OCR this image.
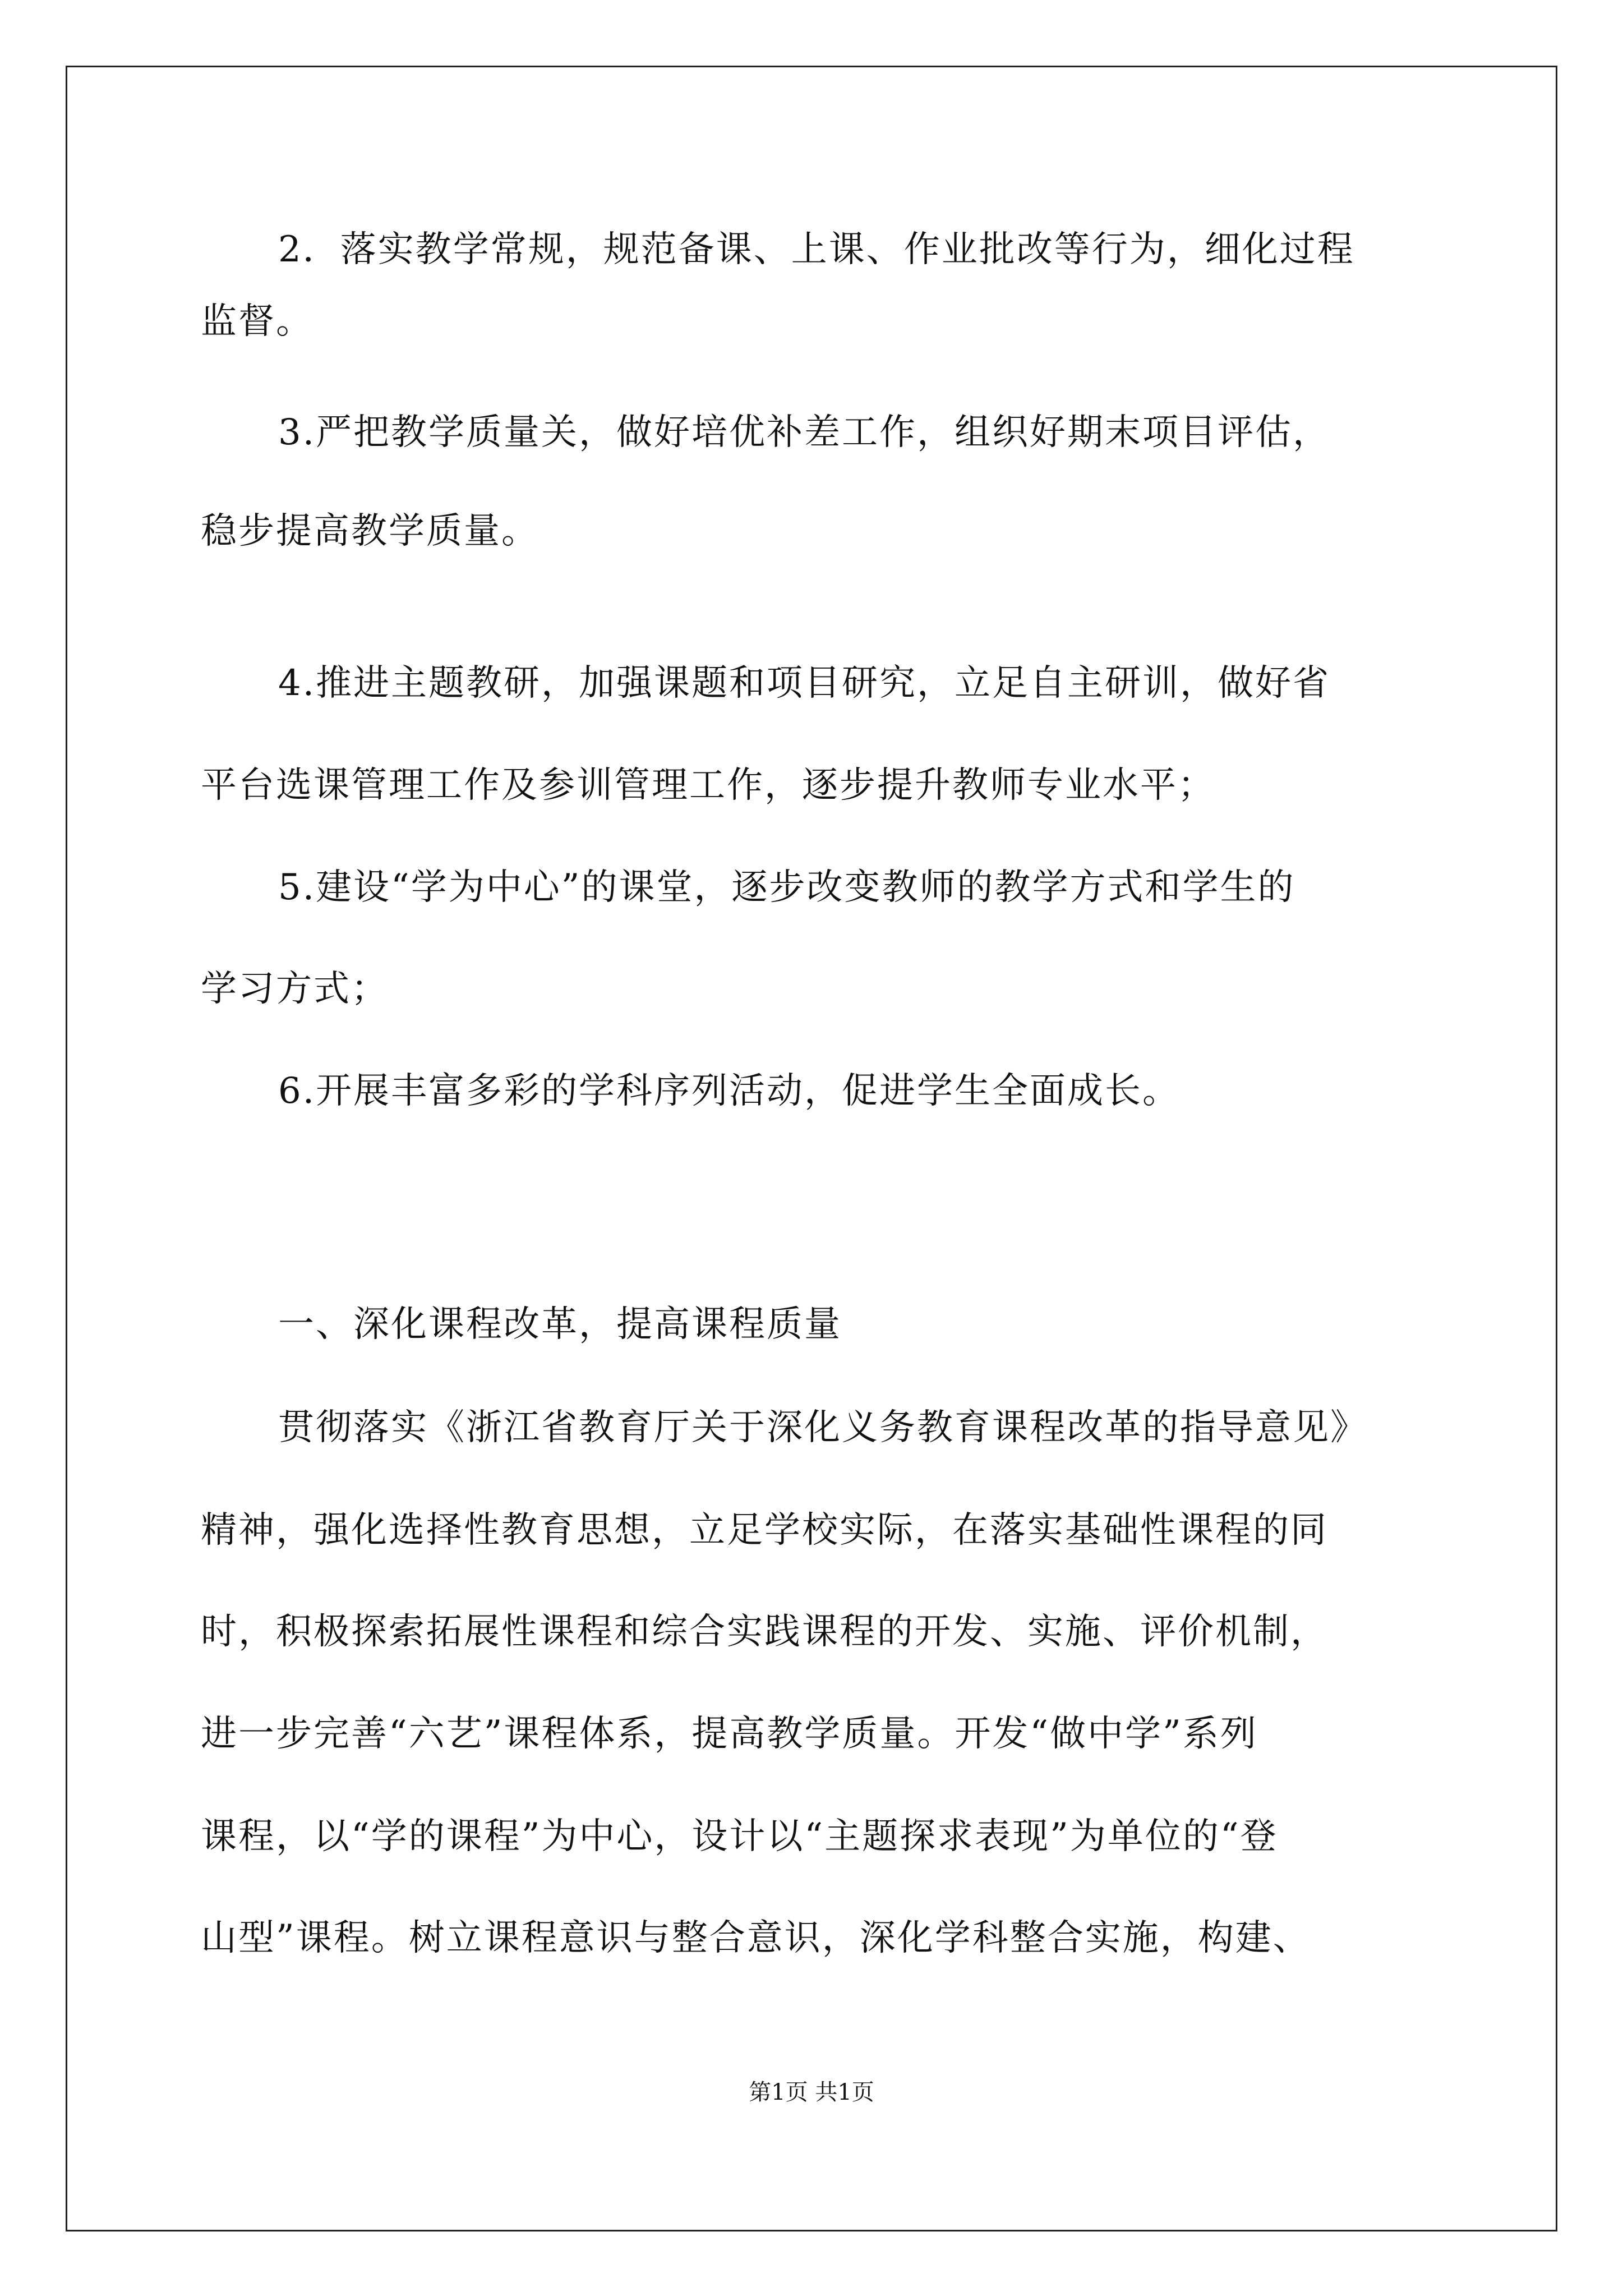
2．落实教学常规，规范备课、上课、作业批改等行为，细化过程
监督。
3.严把教学质量关，做好培优补差工作，组织好期末项目评估，
稳步提高教学质量。
4.推进主题教研，加强课题和项目研究，立足自主研训，做好省
平台选课管理工作及参训管理工作，逐步提升教师专业水平；
5.建设“学为中心”的课堂，逐步改变教师的教学方式和学生的
学习方式；
6.开展丰富多彩的学科序列活动，促进学生全面成长。
一、深化课程改革，提高课程质量
贯彻落实《浙江省教育厅关于深化义务教育课程改革的指导意见》
精神，强化选择性教育思想，立足学校实际，在落实基础性课程的同
时，积极探索拓展性课程和综合实践课程的开发、实施、评价机制，
进一步完善“六艺”课程体系，提高教学质量。开发“做中学”系列
课程，以“学的课程”为中心，设计以“主题探求表现”为单位的“登
山型”课程。树立课程意识与整合意识，深化学科整合实施，构建、
第1页 共1页
